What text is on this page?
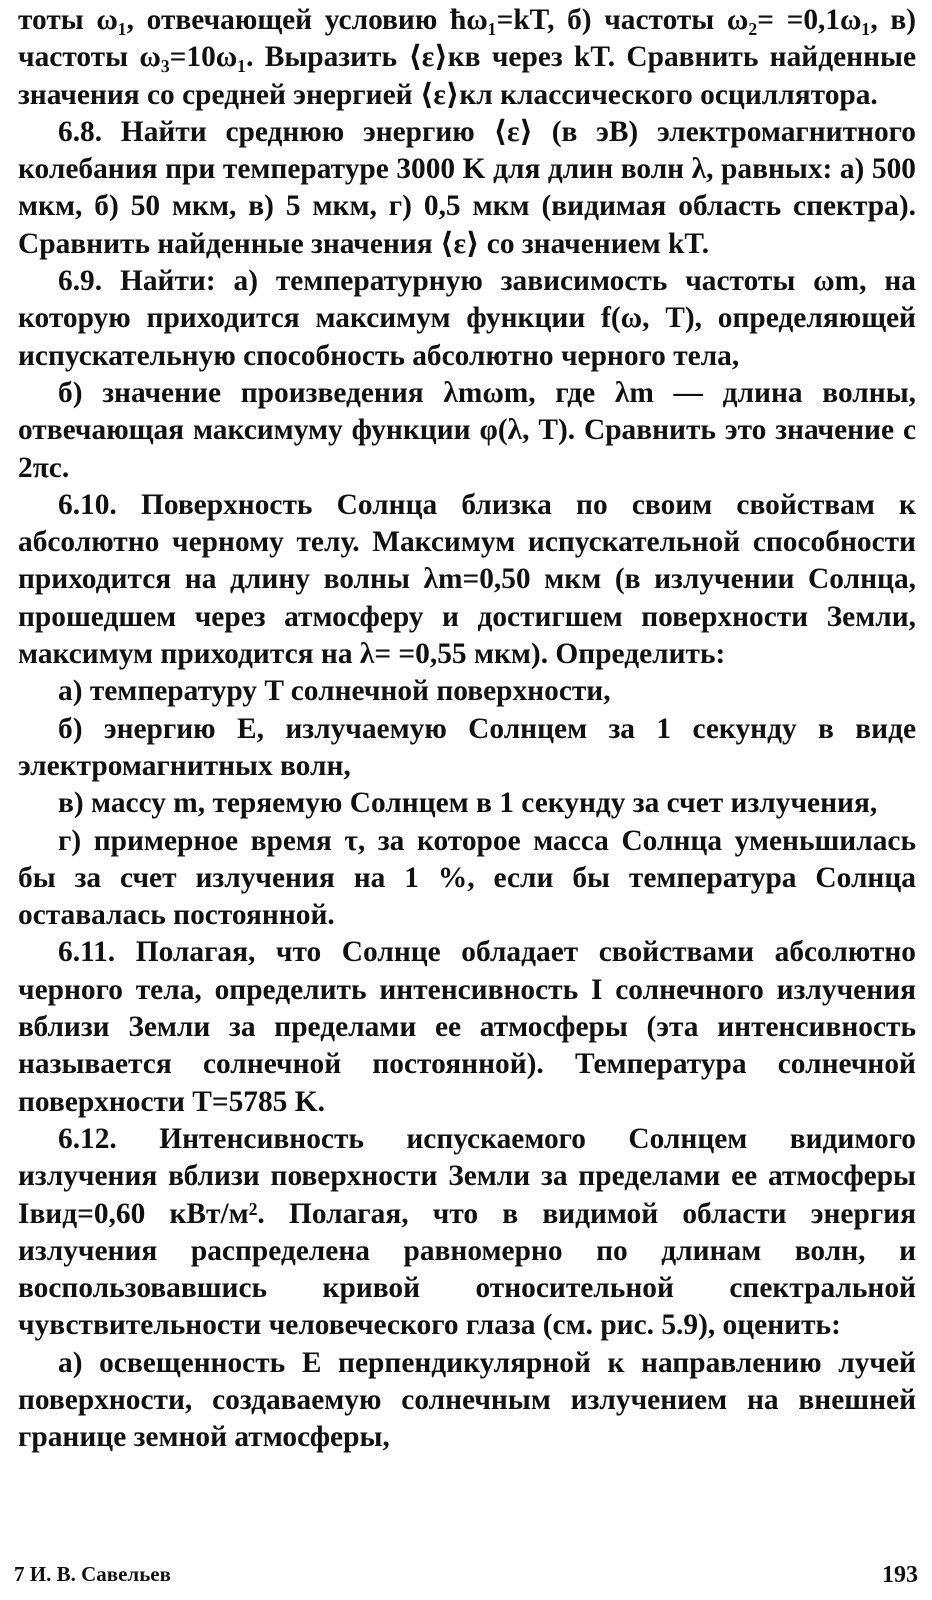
тоты ω₁, отвечающей условию ħω₁=kT, б) частоты ω₂= =0,1ω₁, в) частоты ω₃=10ω₁. Выразить ⟨ε⟩кв через kT. Сравнить найденные значения со средней энергией ⟨ε⟩кл классического осциллятора.

6.8. Найти среднюю энергию ⟨ε⟩ (в эВ) электромагнитного колебания при температуре 3000 K для длин волн λ, равных: а) 500 мкм, б) 50 мкм, в) 5 мкм, г) 0,5 мкм (видимая область спектра). Сравнить найденные значения ⟨ε⟩ со значением kT.

6.9. Найти: а) температурную зависимость частоты ωm, на которую приходится максимум функции f(ω, T), определяющей испускательную способность абсолютно черного тела,

б) значение произведения λmωm, где λm — длина волны, отвечающая максимуму функции φ(λ, T). Сравнить это значение с 2πc.

6.10. Поверхность Солнца близка по своим свойствам к абсолютно черному телу. Максимум испускательной способности приходится на длину волны λm=0,50 мкм (в излучении Солнца, прошедшем через атмосферу и достигшем поверхности Земли, максимум приходится на λ= =0,55 мкм). Определить:

а) температуру T солнечной поверхности,

б) энергию E, излучаемую Солнцем за 1 секунду в виде электромагнитных волн,

в) массу m, теряемую Солнцем в 1 секунду за счет излучения,

г) примерное время τ, за которое масса Солнца уменьшилась бы за счет излучения на 1 %, если бы температура Солнца оставалась постоянной.

6.11. Полагая, что Солнце обладает свойствами абсолютно черного тела, определить интенсивность I солнечного излучения вблизи Земли за пределами ее атмосферы (эта интенсивность называется солнечной постоянной). Температура солнечной поверхности T=5785 K.

6.12. Интенсивность испускаемого Солнцем видимого излучения вблизи поверхности Земли за пределами ее атмосферы Iвид=0,60 кВт/м². Полагая, что в видимой области энергия излучения распределена равномерно по длинам волн, и воспользовавшись кривой относительной спектральной чувствительности человеческого глаза (см. рис. 5.9), оценить:

а) освещенность E перпендикулярной к направлению лучей поверхности, создаваемую солнечным излучением на внешней границе земной атмосферы,

7 И. В. Савельев	193
